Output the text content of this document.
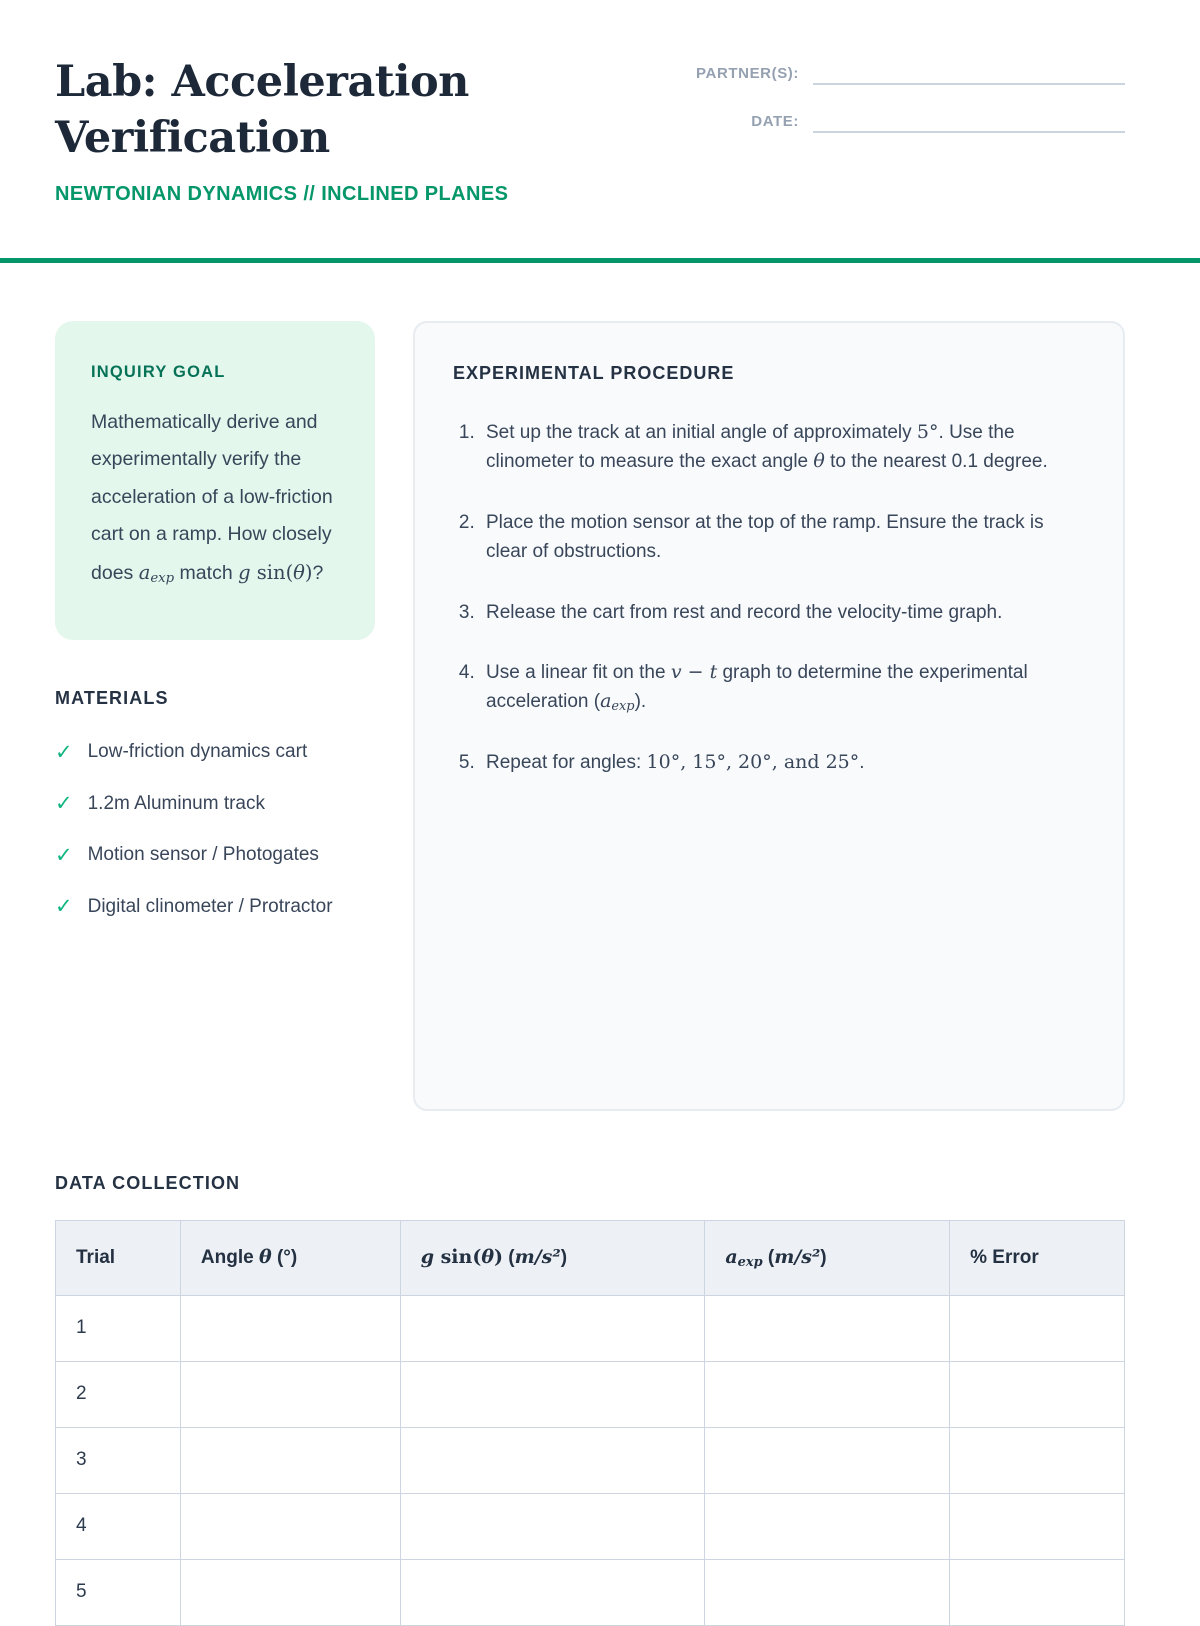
Lab: Acceleration Verification
NEWTONIAN DYNAMICS // INCLINED PLANES
PARTNER(S):
DATE:
INQUIRY GOAL

Mathematically derive and experimentally verify the acceleration of a low-friction cart on a ramp. How closely does $a_{exp}$ match g sin(θ)?

MATERIALS
✓ Low-friction dynamics cart
✓ 1.2m Aluminum track
✓ Motion sensor / Photogates
✓ Digital clinometer / Protractor
EXPERIMENTAL PROCEDURE
1. Set up the track at an initial angle of approximately 5°. Use the clinometer to measure the exact angle θ to the nearest 0.1 degree.
2. Place the motion sensor at the top of the ramp. Ensure the track is clear of obstructions.
3. Release the cart from rest and record the velocity-time graph.
4. Use a linear fit on the v − t graph to determine the experimental acceleration $(a_{exp})$.
5. Repeat for angles: 10°, 15°, 20°, and 25°.
DATA COLLECTION
Trial	Angle θ (°)	g sin(θ) (m/s²)	$a_{exp}$ (m/s²)	% Error
1				
2				
3				
4				
5				
